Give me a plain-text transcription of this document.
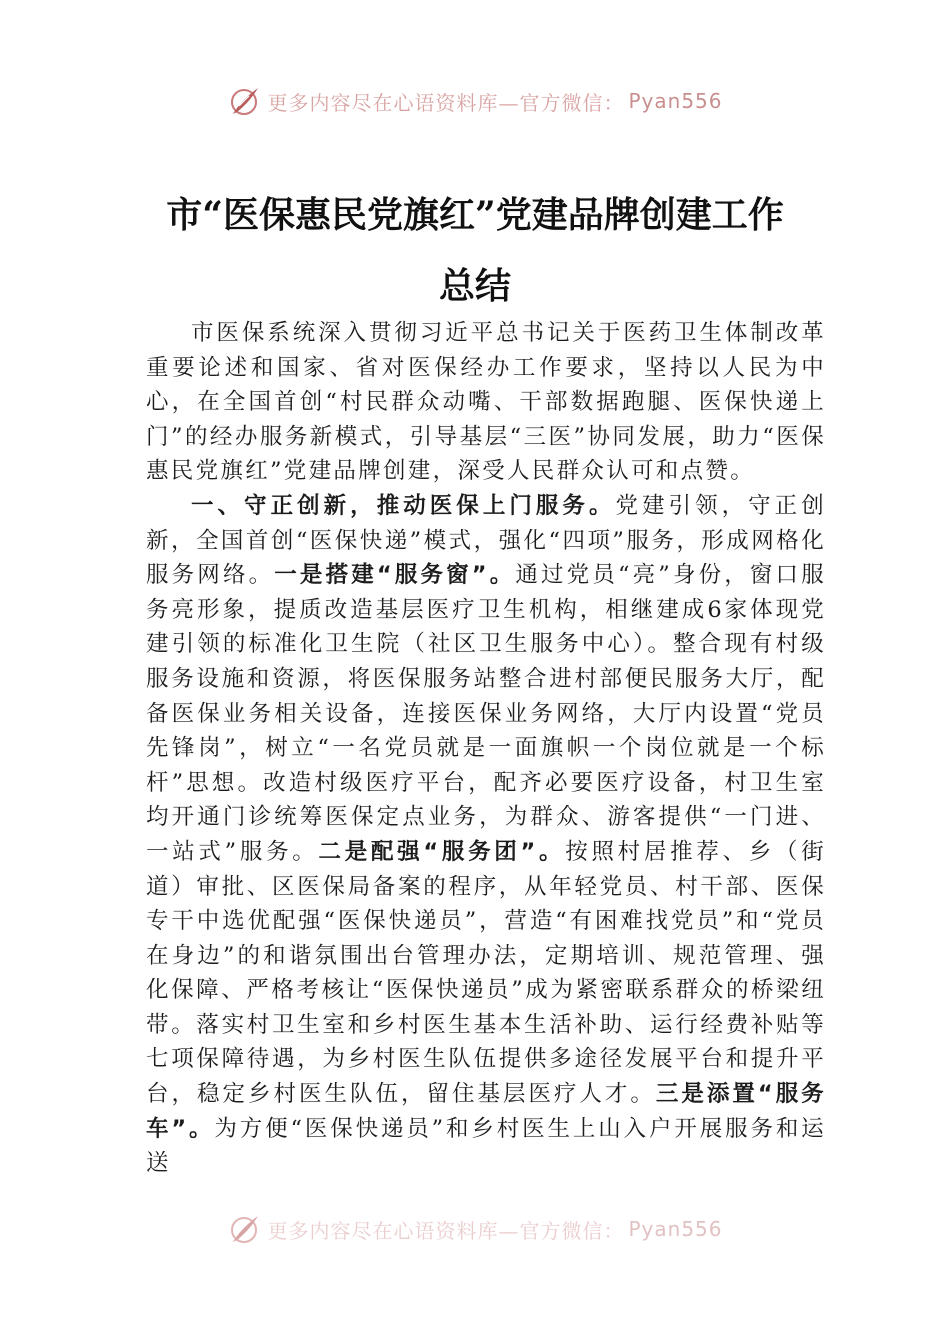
更多内容尽在心语资料库—官方微信： Pyan556
市“医保惠民党旗红”党建品牌创建工作
总结

市医保系统深入贯彻习近平总书记关于医药卫生体制改革重要论述和国家、省对医保经办工作要求，坚持以人民为中心，在全国首创“村民群众动嘴、干部数据跑腿、医保快递上门”的经办服务新模式，引导基层“三医”协同发展，助力“医保惠民党旗红”党建品牌创建，深受人民群众认可和点赞。

一、守正创新，推动医保上门服务。党建引领，守正创新，全国首创“医保快递”模式，强化“四项”服务，形成网格化服务网络。一是搭建“服务窗”。通过党员“亮”身份，窗口服务亮形象，提质改造基层医疗卫生机构，相继建成6家体现党建引领的标准化卫生院（社区卫生服务中心）。整合现有村级服务设施和资源，将医保服务站整合进村部便民服务大厅，配备医保业务相关设备，连接医保业务网络，大厅内设置“党员先锋岗”，树立“一名党员就是一面旗帜一个岗位就是一个标杆”思想。改造村级医疗平台，配齐必要医疗设备，村卫生室均开通门诊统筹医保定点业务，为群众、游客提供“一门进、一站式”服务。二是配强“服务团”。按照村居推荐、乡（街道）审批、区医保局备案的程序，从年轻党员、村干部、医保专干中选优配强“医保快递员”，营造“有困难找党员”和“党员在身边”的和谐氛围出台管理办法，定期培训、规范管理、强化保障、严格考核让“医保快递员”成为紧密联系群众的桥梁纽带。落实村卫生室和乡村医生基本生活补助、运行经费补贴等七项保障待遇，为乡村医生队伍提供多途径发展平台和提升平台，稳定乡村医生队伍，留住基层医疗人才。三是添置“服务车”。为方便“医保快递员”和乡村医生上山入户开展服务和运送

更多内容尽在心语资料库—官方微信： Pyan556
